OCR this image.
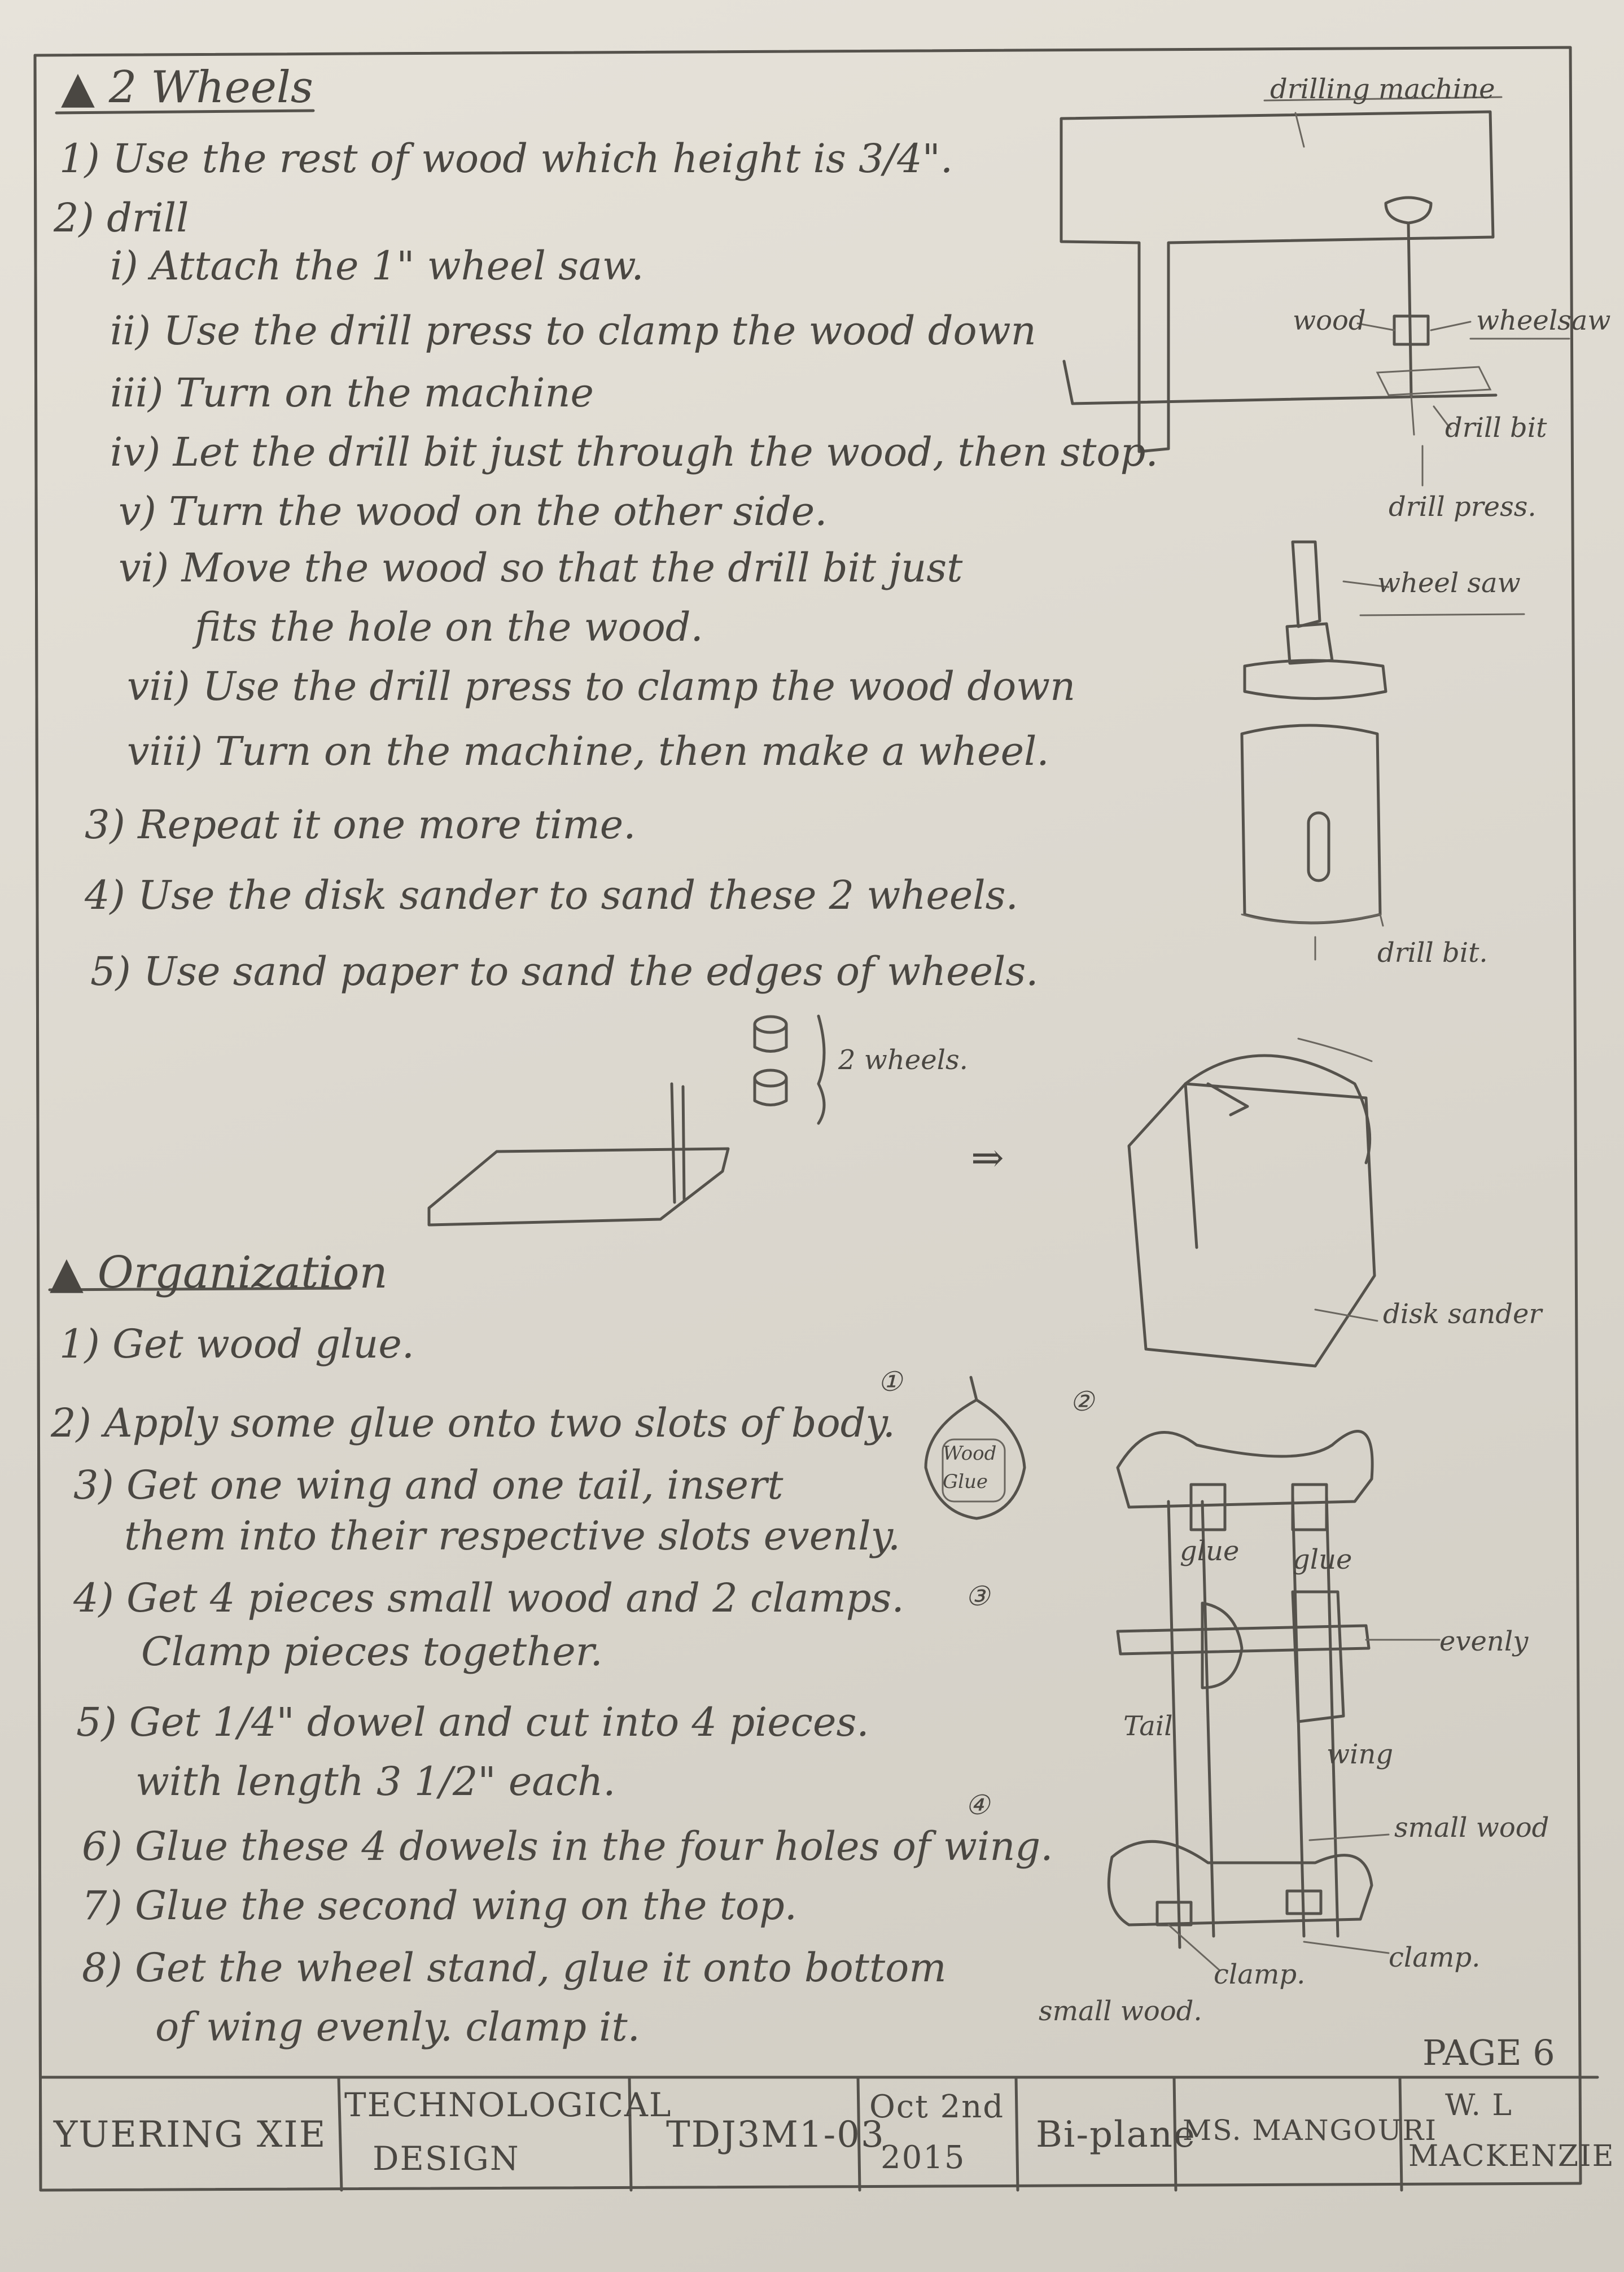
▲ 2 Wheels
1) Use the rest of wood which height is 3/4".
2) drill
i) Attach the 1" wheel saw.
ii) Use the drill press to clamp the wood down
iii) Turn on the machine
iv) Let the drill bit just through the wood, then stop.
v) Turn the wood on the other side.
vi) Move the wood so that the drill bit just
fits the hole on the wood.
vii) Use the drill press to clamp the wood down
viii) Turn on the machine, then make a wheel.
3) Repeat it one more time.
4) Use the disk sander to sand these 2 wheels.
5) Use sand paper to sand the edges of wheels.
drilling machine
wood	wheelsaw
drill bit
drill press.
wheel saw
drill bit.
2 wheels.
⇒
disk sander
▲ Organization
1) Get wood glue.
2) Apply some glue onto two slots of body.
3) Get one wing and one tail, insert
them into their respective slots evenly.
4) Get 4 pieces small wood and 2 clamps.
Clamp pieces together.
5) Get 1/4" dowel and cut into 4 pieces.
with length 3 1/2" each.
6) Glue these 4 dowels in the four holes of wing.
7) Glue the second wing on the top.
8) Get the wheel stand, glue it onto bottom
of wing evenly. clamp it.
①
②
③
④
Wood
Glue
glue glue
evenly
Tail
wing
small wood
clamp.
clamp.
small wood.
PAGE 6
YUERING XIE
TECHNOLOGICAL
DESIGN
TDJ3M1-03
Oct 2nd
2015
Bi-plane
MS. MANGOURI
W. L
MACKENZIE
